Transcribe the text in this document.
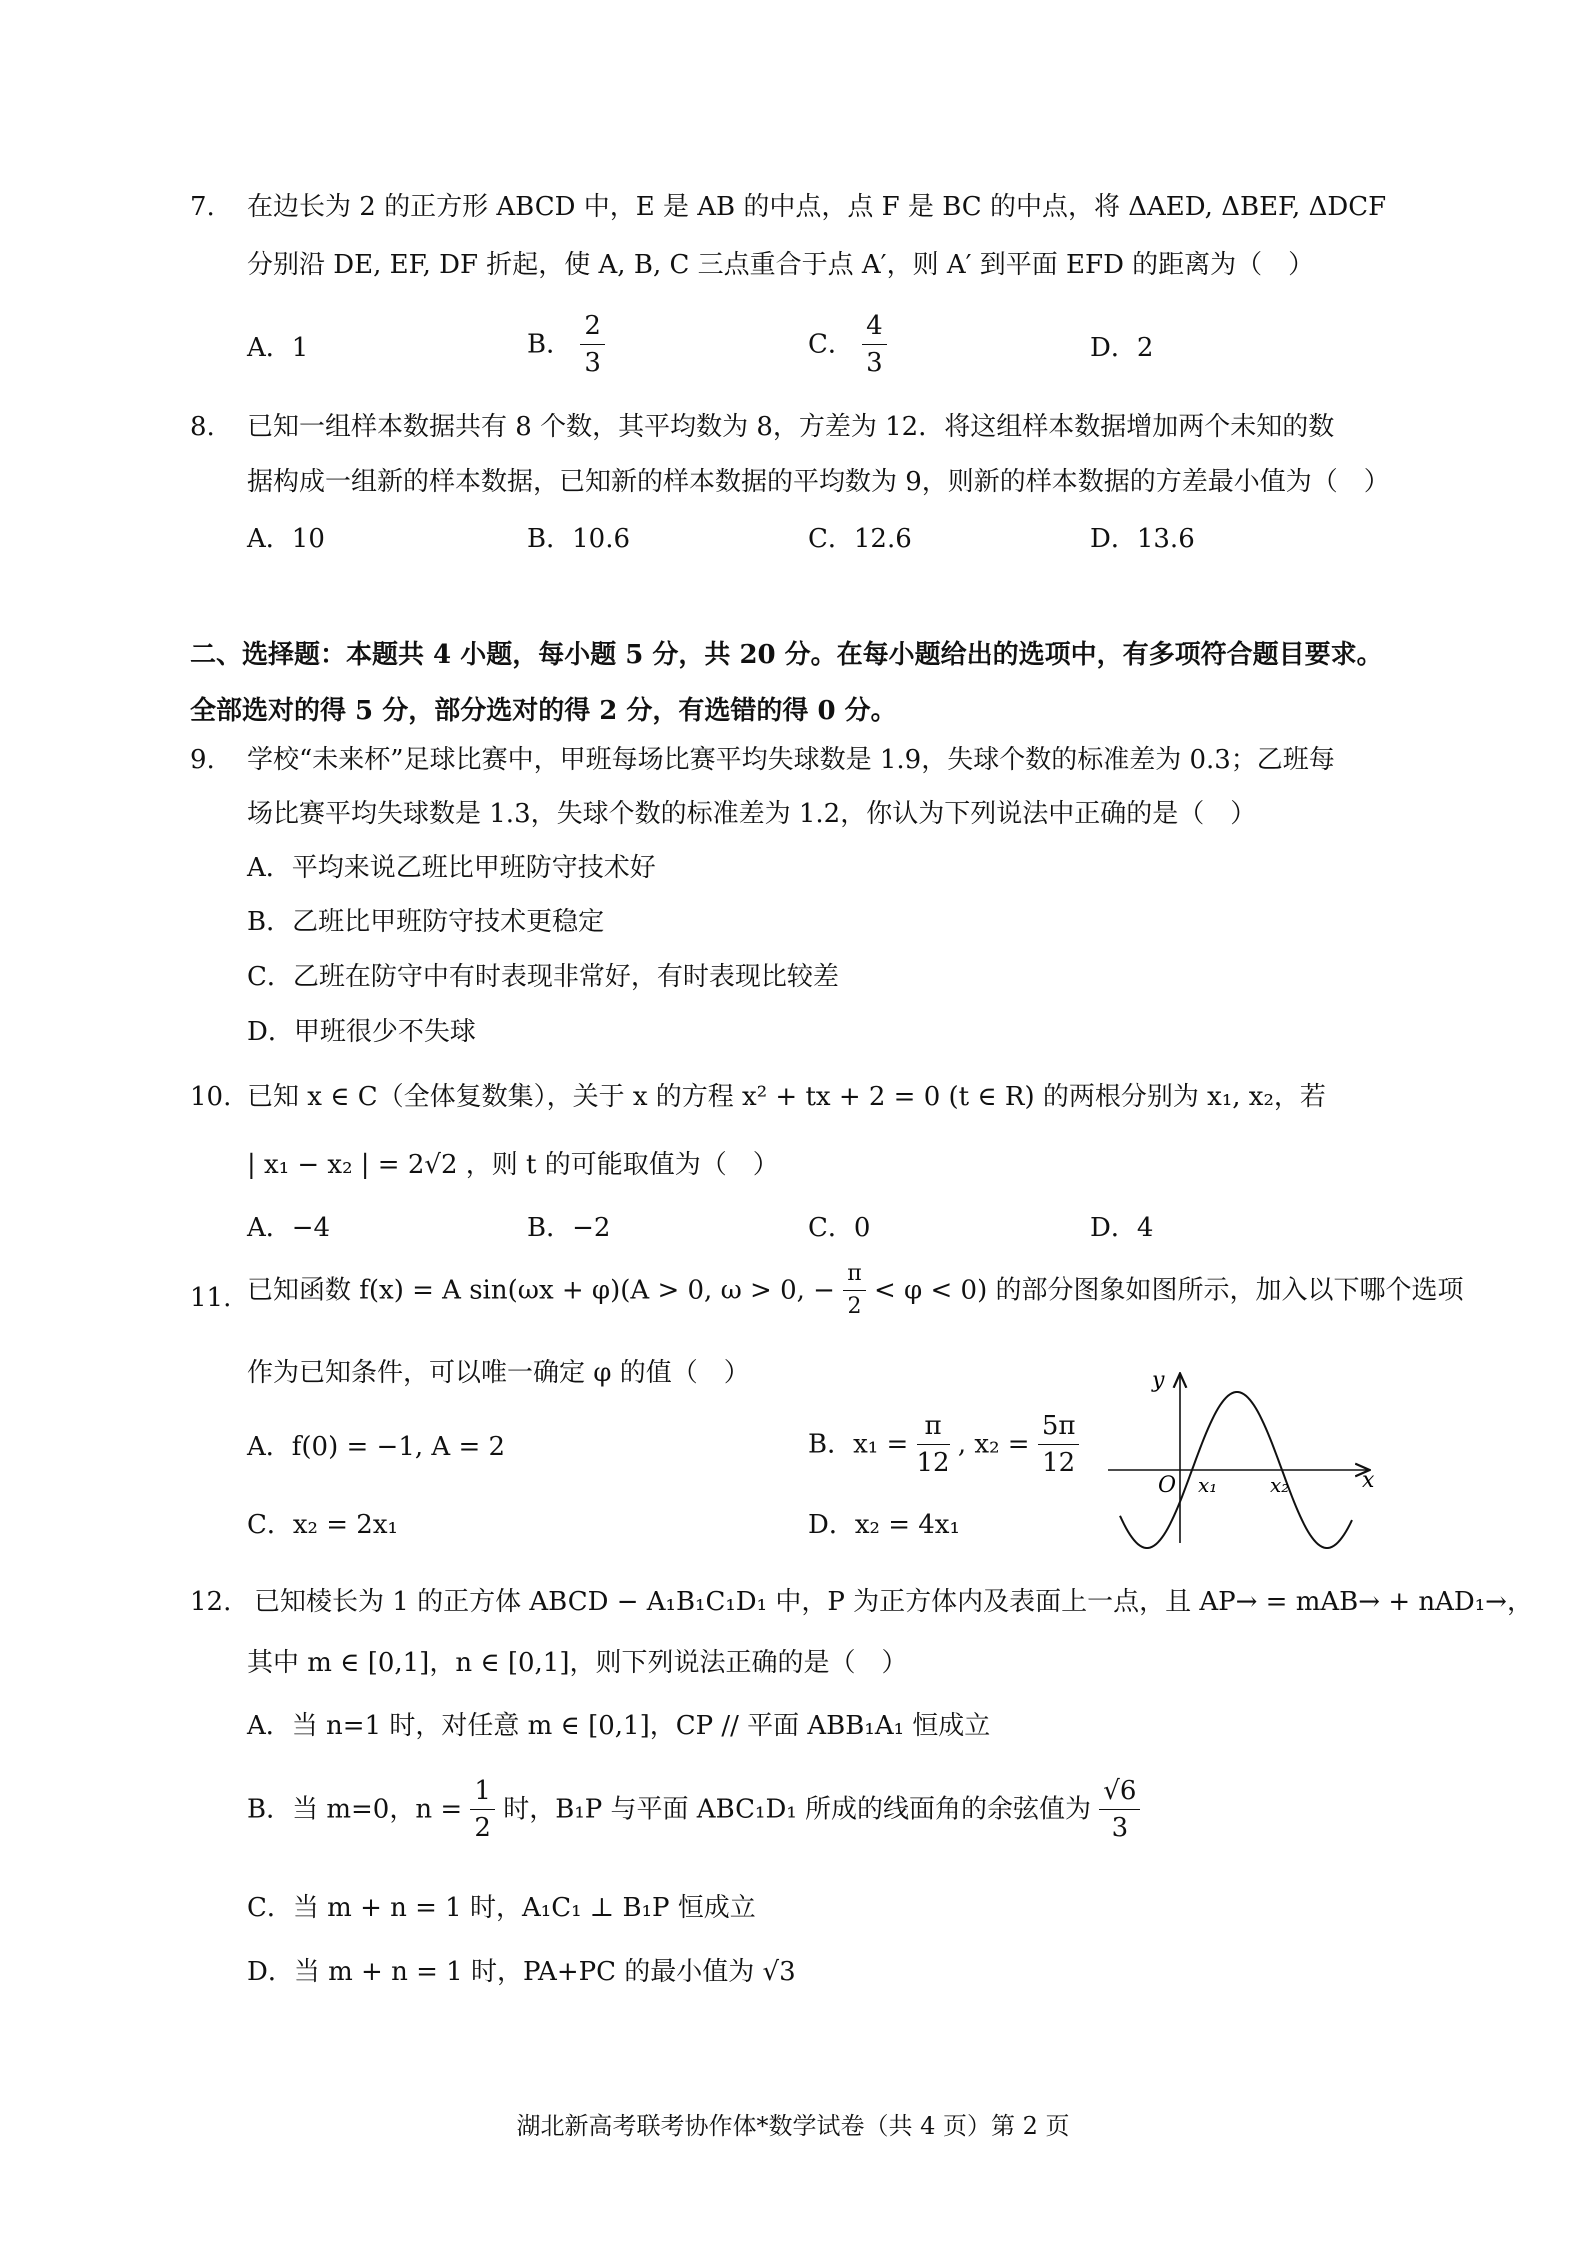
7. 在边长为 2 的正方形 ABCD 中，E 是 AB 的中点，点 F 是 BC 的中点，将 ΔAED, ΔBEF, ΔDCF
分别沿 DE, EF, DF 折起，使 A, B, C 三点重合于点 A′，则 A′ 到平面 EFD 的距离为（　）
A．1	B． $\frac{2}{3}$	C． $\frac{4}{3}$	D．2
8. 已知一组样本数据共有 8 个数，其平均数为 8，方差为 12．将这组样本数据增加两个未知的数
据构成一组新的样本数据，已知新的样本数据的平均数为 9，则新的样本数据的方差最小值为（　）
A．10	B．10.6	C．12.6	D．13.6
二、选择题：本题共 4 小题，每小题 5 分，共 20 分。在每小题给出的选项中，有多项符合题目要求。
全部选对的得 5 分，部分选对的得 2 分，有选错的得 0 分。
9. 学校“未来杯”足球比赛中，甲班每场比赛平均失球数是 1.9，失球个数的标准差为 0.3；乙班每
场比赛平均失球数是 1.3，失球个数的标准差为 1.2，你认为下列说法中正确的是（　）
A．平均来说乙班比甲班防守技术好
B．乙班比甲班防守技术更稳定
C．乙班在防守中有时表现非常好，有时表现比较差
D．甲班很少不失球
10. 已知 x ∈ C（全体复数集），关于 x 的方程 x² + tx + 2 = 0 (t ∈ R) 的两根分别为 x₁, x₂，若
| x₁ − x₂ | = 2√2 ，则 t 的可能取值为（　）
A．−4	B．−2	C．0	D．4
11. 已知函数 f(x) = A sin(ωx + φ)(A > 0, ω > 0, − $\frac{\pi}{2} < \varphi < 0$) 的部分图象如图所示，加入以下哪个选项
作为已知条件，可以唯一确定 φ 的值（　）
A．f(0) = −1, A = 2	B．$x_1 = \frac{\pi}{12}$ , $x_2 = \frac{5\pi}{12}$
C．x₂ = 2x₁	D．x₂ = 4x₁
y
x
O x₁	x₂
12. 已知棱长为 1 的正方体 ABCD − A₁B₁C₁D₁ 中，P 为正方体内及表面上一点，且 AP→ = mAB→ + nAD₁→，
其中 m ∈ [0,1]，n ∈ [0,1]，则下列说法正确的是（　）
A．当 n=1 时，对任意 m ∈ [0,1]，CP // 平面 ABB₁A₁ 恒成立
B．当 m=0，$n = \frac{1}{2}$ 时，B₁P 与平面 ABC₁D₁ 所成的线面角的余弦值为 $\frac{√6}{3}$
C．当 m + n = 1 时，A₁C₁ ⊥ B₁P 恒成立
D．当 m + n = 1 时，PA+PC 的最小值为 √3
湖北新高考联考协作体*数学试卷（共 4 页）第 2 页
